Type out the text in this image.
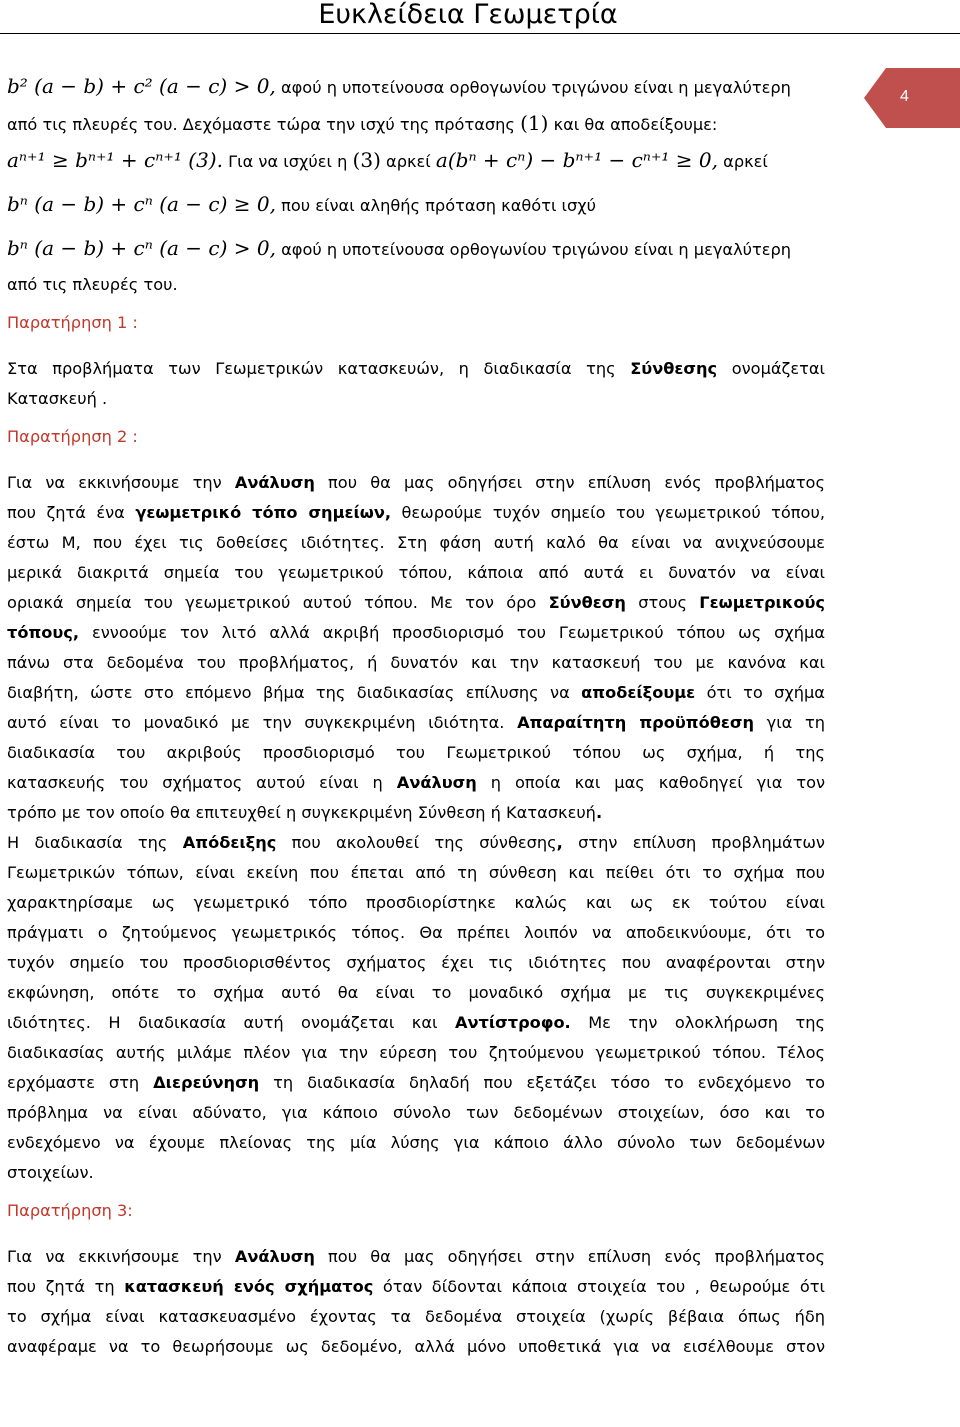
Ευκλείδεια Γεωμετρία
4
b² (a − b) + c² (a − c) > 0, αφού η υποτείνουσα ορθογωνίου τριγώνου είναι η μεγαλύτερη
από τις πλευρές του. Δεχόμαστε τώρα την ισχύ της πρότασης (1) και θα αποδείξουμε:
aⁿ⁺¹ ≥ bⁿ⁺¹ + cⁿ⁺¹ (3). Για να ισχύει η (3) αρκεί a(bⁿ + cⁿ) − bⁿ⁺¹ − cⁿ⁺¹ ≥ 0, αρκεί
bⁿ (a − b) + cⁿ (a − c) ≥ 0, που είναι αληθής πρόταση καθότι ισχύ
bⁿ (a − b) + cⁿ (a − c) > 0, αφού η υποτείνουσα ορθογωνίου τριγώνου είναι η μεγαλύτερη
από τις πλευρές του.
Παρατήρηση 1 :
Στα προβλήματα των Γεωμετρικών κατασκευών, η διαδικασία της Σύνθεσης ονομάζεται
Κατασκευή .
Παρατήρηση 2 :
Για να εκκινήσουμε την Ανάλυση που θα μας οδηγήσει στην επίλυση ενός προβλήματος
που ζητά ένα γεωμετρικό τόπο σημείων, θεωρούμε τυχόν σημείο του γεωμετρικού τόπου,
έστω Μ, που έχει τις δοθείσες ιδιότητες. Στη φάση αυτή καλό θα είναι να ανιχνεύσουμε
μερικά διακριτά σημεία του γεωμετρικού τόπου, κάποια από αυτά ει δυνατόν να είναι
οριακά σημεία του γεωμετρικού αυτού τόπου. Με τον όρο Σύνθεση στους Γεωμετρικούς
τόπους, εννοούμε τον λιτό αλλά ακριβή προσδιορισμό του Γεωμετρικού τόπου ως σχήμα
πάνω στα δεδομένα του προβλήματος, ή δυνατόν και την κατασκευή του με κανόνα και
διαβήτη, ώστε στο επόμενο βήμα της διαδικασίας επίλυσης να αποδείξουμε ότι το σχήμα
αυτό είναι το μοναδικό με την συγκεκριμένη ιδιότητα. Απαραίτητη προϋπόθεση για τη
διαδικασία του ακριβούς προσδιορισμό του Γεωμετρικού τόπου ως σχήμα, ή της
κατασκευής του σχήματος αυτού είναι η Ανάλυση η οποία και μας καθοδηγεί για τον
τρόπο με τον οποίο θα επιτευχθεί η συγκεκριμένη Σύνθεση ή Κατασκευή.
Η διαδικασία της Απόδειξης που ακολουθεί της σύνθεσης, στην επίλυση προβλημάτων
Γεωμετρικών τόπων, είναι εκείνη που έπεται από τη σύνθεση και πείθει ότι το σχήμα που
χαρακτηρίσαμε ως γεωμετρικό τόπο προσδιορίστηκε καλώς και ως εκ τούτου είναι
πράγματι ο ζητούμενος γεωμετρικός τόπος. Θα πρέπει λοιπόν να αποδεικνύουμε, ότι το
τυχόν σημείο του προσδιορισθέντος σχήματος έχει τις ιδιότητες που αναφέρονται στην
εκφώνηση, οπότε το σχήμα αυτό θα είναι το μοναδικό σχήμα με τις συγκεκριμένες
ιδιότητες. Η διαδικασία αυτή ονομάζεται και Αντίστροφο. Με την ολοκλήρωση της
διαδικασίας αυτής μιλάμε πλέον για την εύρεση του ζητούμενου γεωμετρικού τόπου. Τέλος
ερχόμαστε στη Διερεύνηση τη διαδικασία δηλαδή που εξετάζει τόσο το ενδεχόμενο το
πρόβλημα να είναι αδύνατο, για κάποιο σύνολο των δεδομένων στοιχείων, όσο και το
ενδεχόμενο να έχουμε πλείονας της μία λύσης για κάποιο άλλο σύνολο των δεδομένων
στοιχείων.
Παρατήρηση 3:
Για να εκκινήσουμε την Ανάλυση που θα μας οδηγήσει στην επίλυση ενός προβλήματος
που ζητά τη κατασκευή ενός σχήματος όταν δίδονται κάποια στοιχεία του , θεωρούμε ότι
το σχήμα είναι κατασκευασμένο έχοντας τα δεδομένα στοιχεία (χωρίς βέβαια όπως ήδη
αναφέραμε να το θεωρήσουμε ως δεδομένο, αλλά μόνο υποθετικά για να εισέλθουμε στον
